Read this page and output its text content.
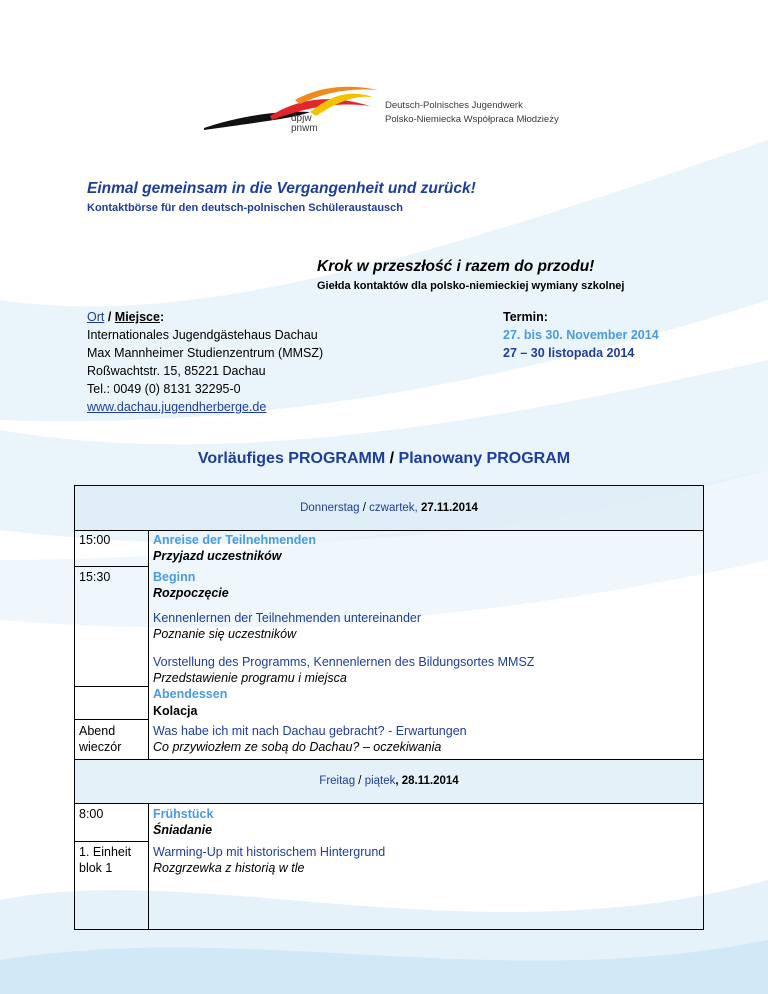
Deutsch-Polnisches Jugendwerk
Polsko-Niemiecka Współpraca Młodzieży
dpjw
pnwm
Einmal gemeinsam in die Vergangenheit und zurück!
Kontaktbörse für den deutsch-polnischen Schüleraustausch
Krok w przeszłość i razem do przodu!
Giełda kontaktów dla polsko-niemieckiej wymiany szkolnej
Ort / Miejsce:
Internationales Jugendgästehaus Dachau
Max Mannheimer Studienzentrum (MMSZ)
Roßwachtstr. 15, 85221 Dachau
Tel.: 0049 (0) 8131 32295-0
www.dachau.jugendherberge.de
Termin:
27. bis 30. November 2014
27 – 30 listopada 2014
Vorläufiges PROGRAMM / Planowany PROGRAM
Donnerstag / czwartek, 27.11.2014
15:00
15:30
Abend
wieczór
Anreise der Teilnehmenden
Przyjazd uczestników
Beginn
Rozpoczęcie
Kennenlernen der Teilnehmenden untereinander
Poznanie się uczestników
Vorstellung des Programms, Kennenlernen des Bildungsortes MMSZ
Przedstawienie programu i miejsca
Abendessen
Kolacja
Was habe ich mit nach Dachau gebracht? - Erwartungen
Co przywiozłem ze sobą do Dachau? – oczekiwania
Freitag / piątek, 28.11.2014
8:00
1. Einheit
blok 1
Frühstück
Śniadanie
Warming-Up mit historischem Hintergrund
Rozgrzewka z historią w tle
